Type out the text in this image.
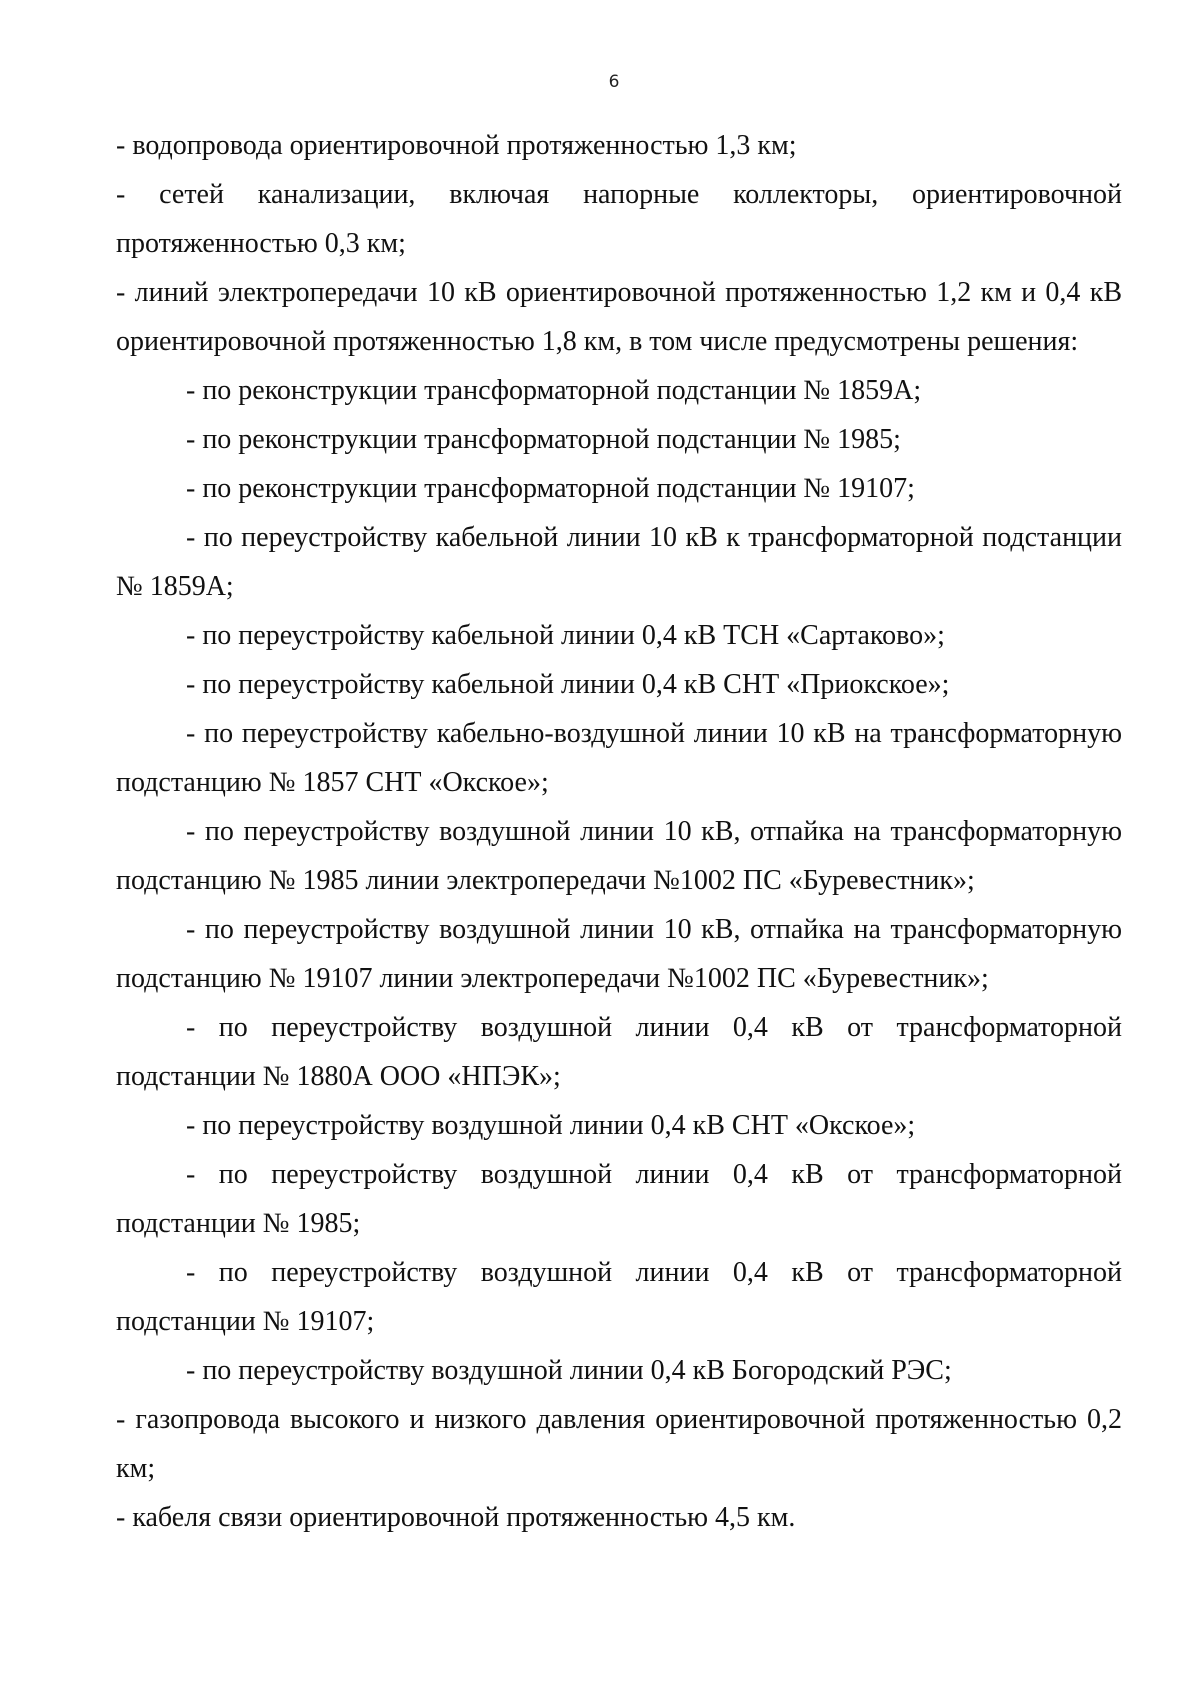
6

- водопровода ориентировочной протяженностью 1,3 км;

- сетей канализации, включая напорные коллекторы, ориентировочной протяженностью 0,3 км;

- линий электропередачи 10 кВ ориентировочной протяженностью 1,2 км и 0,4 кВ ориентировочной протяженностью 1,8 км, в том числе предусмотрены решения:

- по реконструкции трансформаторной подстанции № 1859А;

- по реконструкции трансформаторной подстанции № 1985;

- по реконструкции трансформаторной подстанции № 19107;

- по переустройству кабельной линии 10 кВ к трансформаторной подстанции № 1859А;

- по переустройству кабельной линии 0,4 кВ ТСН «Сартаково»;

- по переустройству кабельной линии 0,4 кВ СНТ «Приокское»;

- по переустройству кабельно-воздушной линии 10 кВ на трансформаторную подстанцию № 1857 СНТ «Окское»;

- по переустройству воздушной линии 10 кВ, отпайка на трансформаторную подстанцию № 1985 линии электропередачи №1002 ПС «Буревестник»;

- по переустройству воздушной линии 10 кВ, отпайка на трансформаторную подстанцию № 19107 линии электропередачи №1002 ПС «Буревестник»;

- по переустройству воздушной линии 0,4 кВ от трансформаторной подстанции № 1880А ООО «НПЭК»;

- по переустройству воздушной линии 0,4 кВ СНТ «Окское»;

- по переустройству воздушной линии 0,4 кВ от трансформаторной подстанции № 1985;

- по переустройству воздушной линии 0,4 кВ от трансформаторной подстанции № 19107;

- по переустройству воздушной линии 0,4 кВ Богородский РЭС;

- газопровода высокого и низкого давления ориентировочной протяженностью 0,2 км;

- кабеля связи ориентировочной протяженностью 4,5 км.
